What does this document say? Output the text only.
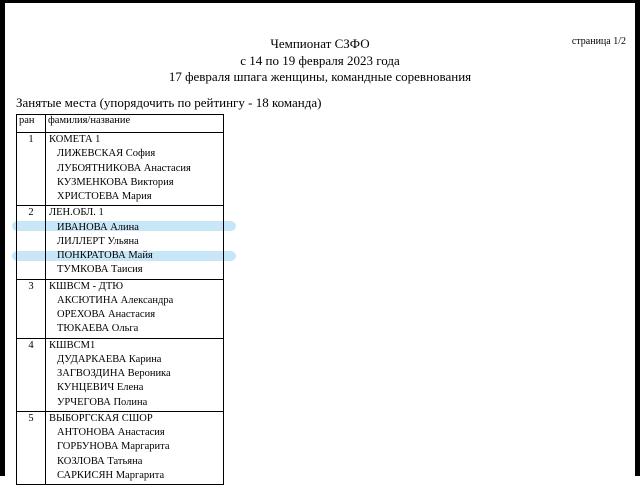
страница 1/2
Чемпионат СЗФО
с 14 по 19 февраля 2023 года
17 февраля шпага женщины, командные соревнования
Занятые места (упорядочить по рейтингу - 18 команда)
ран	фамилия/название
1	КОМЕТА 1
ЛИЖЕВСКАЯ София
ЛУБОЯТНИКОВА Анастасия
КУЗМЕНКОВА Виктория
ХРИСТОЕВА Мария

2	ЛЕН.ОБЛ. 1
ИВАНОВА Алина
ЛИЛЛЕРТ Ульяна
ПОНКРАТОВА Майя
ТУМКОВА Таисия

3	КШВСМ - ДТЮ
АКСЮТИНА Александра
ОРЕХОВА Анастасия
ТЮКАЕВА Ольга

4	КШВСМ1
ДУДАРКАЕВА Карина
ЗАГВОЗДИНА Вероника
КУНЦЕВИЧ Елена
УРЧЕГОВА Полина

5	ВЫБОРГСКАЯ СШОР
АНТОНОВА Анастасия
ГОРБУНОВА Маргарита
КОЗЛОВА Татьяна
САРКИСЯН Маргарита
